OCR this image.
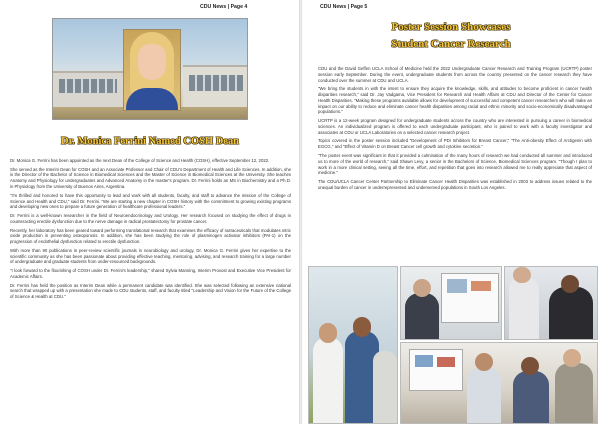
CDU News | Page 4
Dr. Monica Ferrini Named COSH Dean

Dr. Monica G. Ferrini has been appointed as the next Dean of the College of Science and Health (COSH), effective September 12, 2022.

She served as the Interim Dean for COSH and an Associate Professor and Chair of CDU's Department of Health and Life Sciences. In addition, she is the Director of the Bachelor of Science in Biomedical Sciences and the Master of Science in Biomedical Sciences at the University. She teaches Anatomy and Physiology for undergraduates and Advanced Anatomy in the master's program. Dr. Ferrini holds an MS in Biochemistry and a Ph.D. in Physiology from the University of Buenos Aires, Argentina.

"I'm thrilled and honored to have this opportunity to lead and work with all students, faculty, and staff to advance the mission of the College of Science and Health and CDU," said Dr. Ferrini. "We are starting a new chapter in COSH history with the commitment to growing existing programs and developing new ones to prepare a future generation of healthcare professional leaders."

Dr. Ferrini is a well-known researcher in the field of Neuroendocrinology and Urology. Her research focused on studying the effect of drugs in counteracting erectile dysfunction due to the nerve damage in radical prostatectomy for prostate cancer.

Recently, her laboratory has been geared toward performing translational research that examines the efficacy of nutraceuticals that modulates nitric oxide production in preventing osteoporosis. In addition, she has been studying the role of plasminogen activator inhibitors (PAI-1) on the progression of endothelial dysfunction related to erectile dysfunction.

With more than 90 publications in peer-review scientific journals in neurobiology and urology, Dr. Monica G. Ferrini gives her expertise to the scientific community as she has been passionate about providing effective teaching, mentoring, advising, and research training for a large number of undergraduate and graduate students from under-resourced backgrounds.

"I look forward to the flourishing of COSH under Dr. Ferrini's leadership," shared Sylvia Manning, Interim Provost and Executive Vice President for Academic Affairs.

Dr. Ferrini has held the position as Interim Dean while a permanent candidate was identified. She was selected following an extensive national search that wrapped up with a presentation she made to CDU students, staff, and faculty titled "Leadership and Vision for the Future of the College of Science & Health at CDU."

CDU News | Page 5
Poster Session Showcases
Student Cancer Research

CDU and the David Geffen UCLA School of Medicine held the 2022 Undergraduate Cancer Research and Training Program (UCRTP) poster session early September. During the event, undergraduate students from across the country presented on the cancer research they have conducted over the summer at CDU and UCLA.

"We bring the students in with the intent to ensure they acquire the knowledge, skills, and attitudes to become proficient in cancer health disparities research," said Dr. Jay Vadgama, Vice President for Research and Health Affairs at CDU and Director of the Center for Cancer Health Disparities. "Making these programs available allows for development of successful and competent cancer researchers who will make an impact on our ability to reduce and eliminate cancer health disparities among racial and ethnic minority and socio-economically disadvantaged populations."

UCRTP is a 12-week program designed for undergraduate students across the country who are interested in pursuing a career in biomedical sciences. An individualized program is offered to each undergraduate participant, who is paired to work with a faculty investigator and associates at CDU or UCLA Laboratories on a selected cancer research project.

Topics covered in the poster session included "Development of PDI Inhibitors for Breast Cancer," "The Anti-obesity Effect of Arctigenin with EGCG," and "Effect of Vitamin D on Breast Cancer cell growth and cytokine secretion."

"The poster event was significant in that it provided a culmination of the many hours of research we had conducted all summer and introduced us to more of the world of research," said Shawn Levy, a senior in the Bachelors of Science, Biomedical Sciences program. "Though I plan to work in a more clinical setting, seeing all the time, effort, and repetition that goes into research allowed me to really appreciate that aspect of medicine."

The CDU/UCLA Cancer Center Partnership to Eliminate Cancer Health Disparities was established in 2003 to address issues related to the unequal burden of cancer in underrepresented and underserved populations in South Los Angeles.
